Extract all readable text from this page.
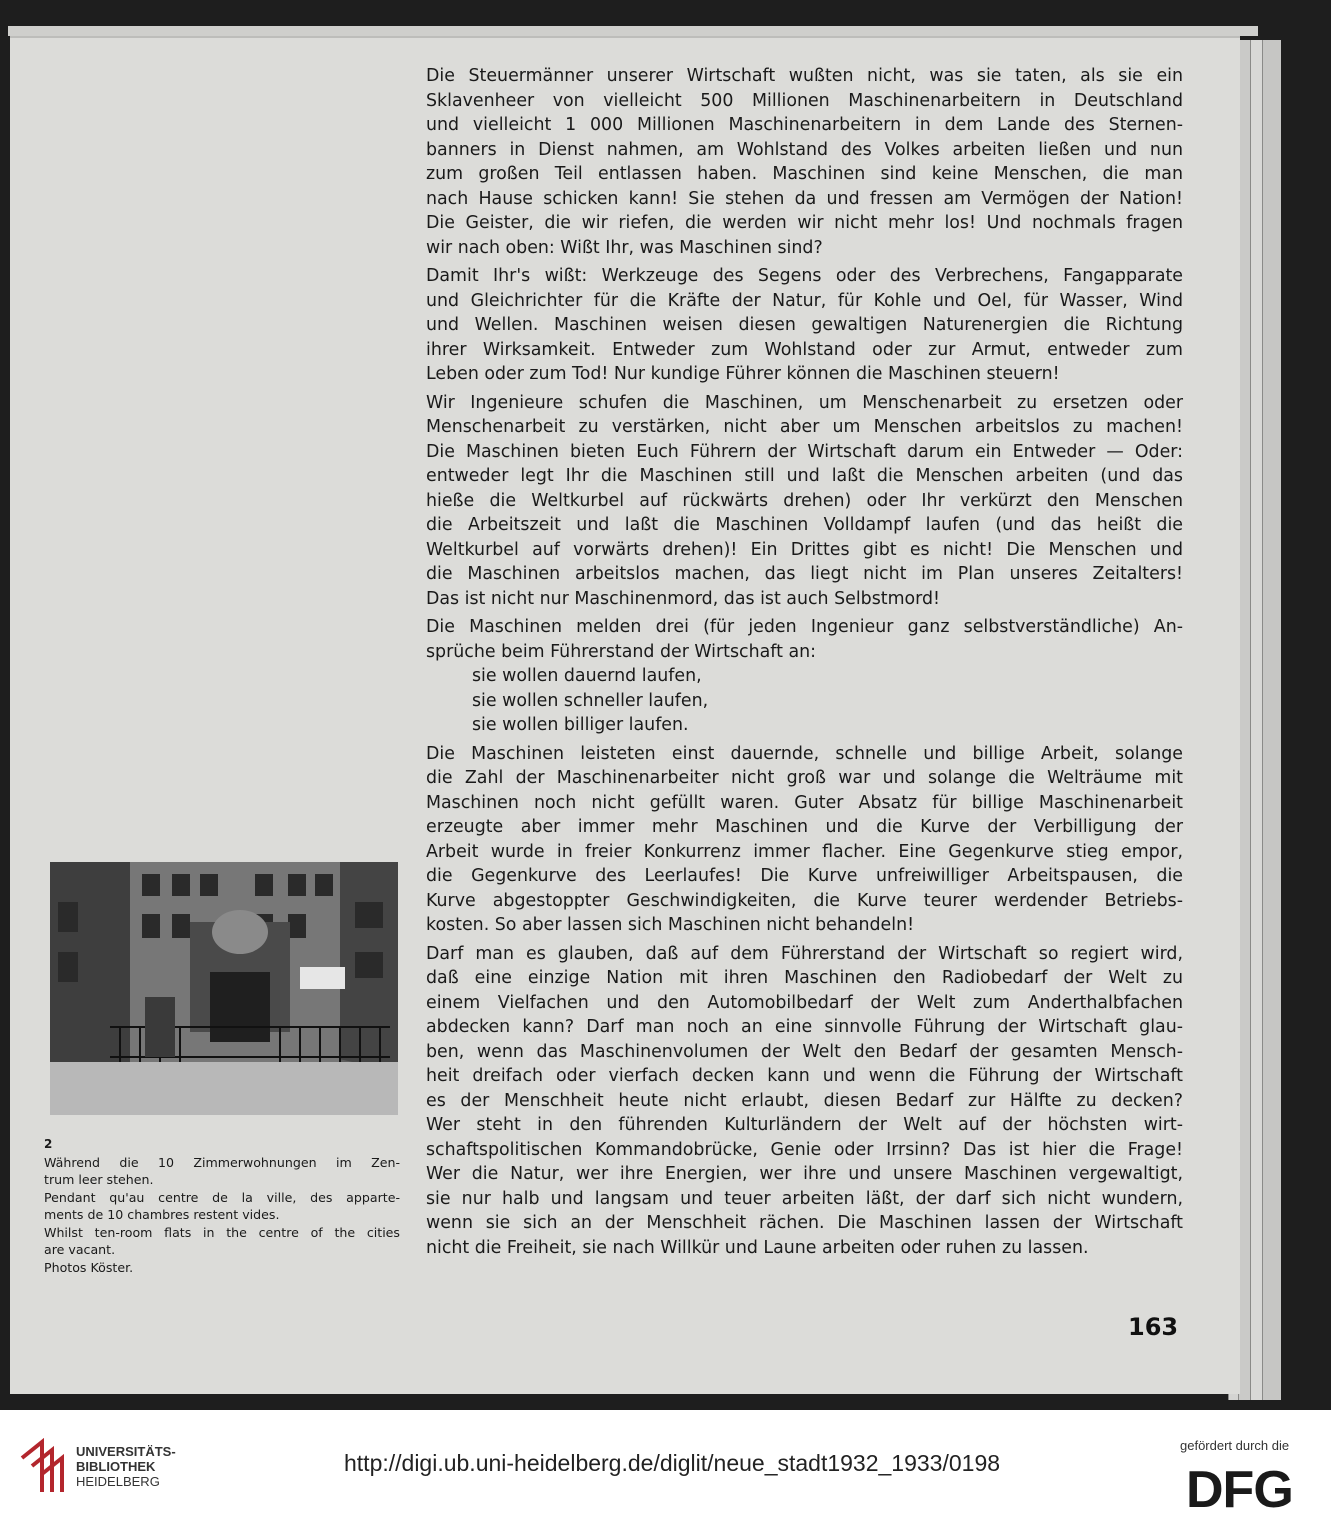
Die Steuermänner unserer Wirtschaft wußten nicht, was sie taten, als sie ein
Sklavenheer von vielleicht 500 Millionen Maschinenarbeitern in Deutschland
und vielleicht 1 000 Millionen Maschinenarbeitern in dem Lande des Sternen-
banners in Dienst nahmen, am Wohlstand des Volkes arbeiten ließen und nun
zum großen Teil entlassen haben. Maschinen sind keine Menschen, die man
nach Hause schicken kann! Sie stehen da und fressen am Vermögen der Nation!
Die Geister, die wir riefen, die werden wir nicht mehr los! Und nochmals fragen
wir nach oben: Wißt Ihr, was Maschinen sind?
Damit Ihr's wißt: Werkzeuge des Segens oder des Verbrechens, Fangapparate
und Gleichrichter für die Kräfte der Natur, für Kohle und Oel, für Wasser, Wind
und Wellen. Maschinen weisen diesen gewaltigen Naturenergien die Richtung
ihrer Wirksamkeit. Entweder zum Wohlstand oder zur Armut, entweder zum
Leben oder zum Tod! Nur kundige Führer können die Maschinen steuern!
Wir Ingenieure schufen die Maschinen, um Menschenarbeit zu ersetzen oder
Menschenarbeit zu verstärken, nicht aber um Menschen arbeitslos zu machen!
Die Maschinen bieten Euch Führern der Wirtschaft darum ein Entweder — Oder:
entweder legt Ihr die Maschinen still und laßt die Menschen arbeiten (und das
hieße die Weltkurbel auf rückwärts drehen) oder Ihr verkürzt den Menschen
die Arbeitszeit und laßt die Maschinen Volldampf laufen (und das heißt die
Weltkurbel auf vorwärts drehen)! Ein Drittes gibt es nicht! Die Menschen und
die Maschinen arbeitslos machen, das liegt nicht im Plan unseres Zeitalters!
Das ist nicht nur Maschinenmord, das ist auch Selbstmord!
Die Maschinen melden drei (für jeden Ingenieur ganz selbstverständliche) An-
sprüche beim Führerstand der Wirtschaft an:
sie wollen dauernd laufen,
sie wollen schneller laufen,
sie wollen billiger laufen.
Die Maschinen leisteten einst dauernde, schnelle und billige Arbeit, solange
die Zahl der Maschinenarbeiter nicht groß war und solange die Welträume mit
Maschinen noch nicht gefüllt waren. Guter Absatz für billige Maschinenarbeit
erzeugte aber immer mehr Maschinen und die Kurve der Verbilligung der
Arbeit wurde in freier Konkurrenz immer flacher. Eine Gegenkurve stieg empor,
die Gegenkurve des Leerlaufes! Die Kurve unfreiwilliger Arbeitspausen, die
Kurve abgestoppter Geschwindigkeiten, die Kurve teurer werdender Betriebs-
kosten. So aber lassen sich Maschinen nicht behandeln!
Darf man es glauben, daß auf dem Führerstand der Wirtschaft so regiert wird,
daß eine einzige Nation mit ihren Maschinen den Radiobedarf der Welt zu
einem Vielfachen und den Automobilbedarf der Welt zum Anderthalbfachen
abdecken kann? Darf man noch an eine sinnvolle Führung der Wirtschaft glau-
ben, wenn das Maschinenvolumen der Welt den Bedarf der gesamten Mensch-
heit dreifach oder vierfach decken kann und wenn die Führung der Wirtschaft
es der Menschheit heute nicht erlaubt, diesen Bedarf zur Hälfte zu decken?
Wer steht in den führenden Kulturländern der Welt auf der höchsten wirt-
schaftspolitischen Kommandobrücke, Genie oder Irrsinn? Das ist hier die Frage!
Wer die Natur, wer ihre Energien, wer ihre und unsere Maschinen vergewaltigt,
sie nur halb und langsam und teuer arbeiten läßt, der darf sich nicht wundern,
wenn sie sich an der Menschheit rächen. Die Maschinen lassen der Wirtschaft
nicht die Freiheit, sie nach Willkür und Laune arbeiten oder ruhen zu lassen.
2
Während die 10 Zimmerwohnungen im Zen-
trum leer stehen.
Pendant qu'au centre de la ville, des apparte-
ments de 10 chambres restent vides.
Whilst ten-room flats in the centre of the cities
are vacant.
Photos Köster.
163
UNIVERSITÄTS-
BIBLIOTHEK
HEIDELBERG
http://digi.ub.uni-heidelberg.de/diglit/neue_stadt1932_1933/0198
gefördert durch die
DFG
